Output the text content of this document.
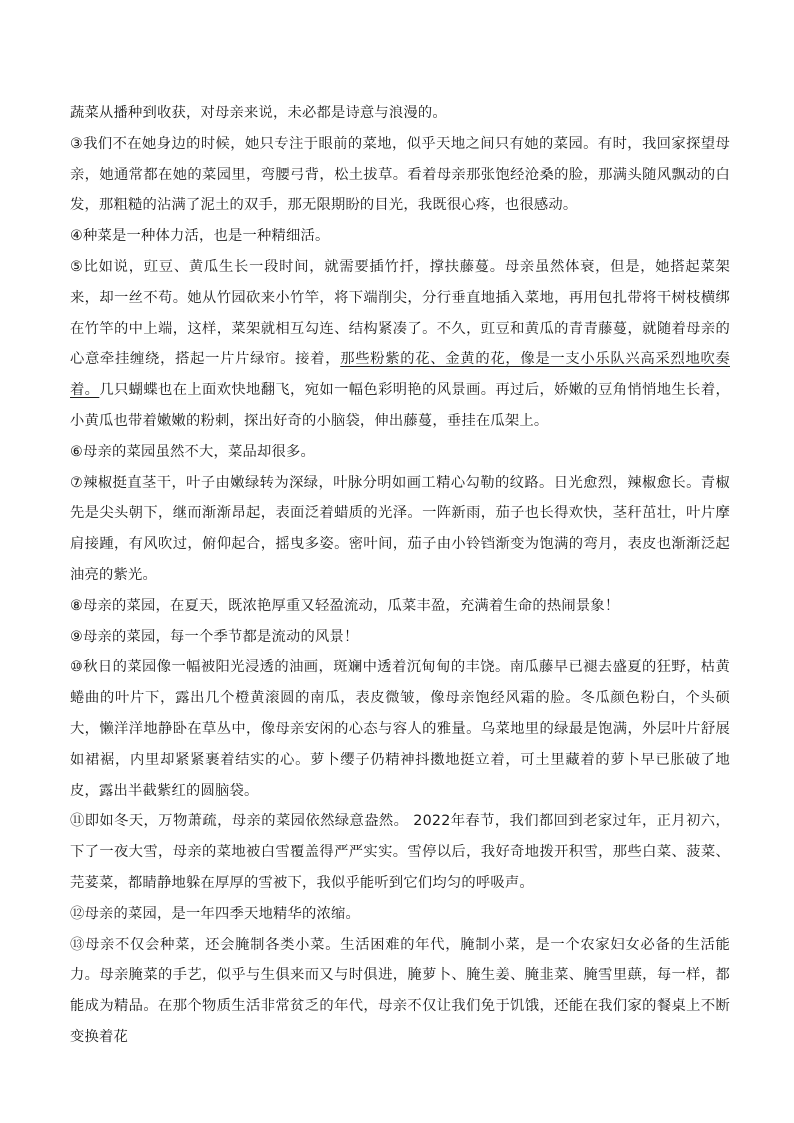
蔬菜从播种到收获，对母亲来说，未必都是诗意与浪漫的。

③我们不在她身边的时候，她只专注于眼前的菜地，似乎天地之间只有她的菜园。有时，我回家探望母亲，她通常都在她的菜园里，弯腰弓背，松土拔草。看着母亲那张饱经沧桑的脸，那满头随风飘动的白发，那粗糙的沾满了泥土的双手，那无限期盼的目光，我既很心疼，也很感动。

④种菜是一种体力活，也是一种精细活。

⑤比如说，豇豆、黄瓜生长一段时间，就需要插竹扦，撑扶藤蔓。母亲虽然体衰，但是，她搭起菜架来，却一丝不苟。她从竹园砍来小竹竿，将下端削尖，分行垂直地插入菜地，再用包扎带将干树枝横绑在竹竿的中上端，这样，菜架就相互勾连、结构紧凑了。不久，豇豆和黄瓜的青青藤蔓，就随着母亲的心意牵挂缠绕，搭起一片片绿帘。接着，那些粉紫的花、金黄的花，像是一支小乐队兴高采烈地吹奏着。几只蝴蝶也在上面欢快地翻飞，宛如一幅色彩明艳的风景画。再过后，娇嫩的豆角悄悄地生长着，小黄瓜也带着嫩嫩的粉刺，探出好奇的小脑袋，伸出藤蔓，垂挂在瓜架上。

⑥母亲的菜园虽然不大，菜品却很多。

⑦辣椒挺直茎干，叶子由嫩绿转为深绿，叶脉分明如画工精心勾勒的纹路。日光愈烈，辣椒愈长。青椒先是尖头朝下，继而渐渐昂起，表面泛着蜡质的光泽。一阵新雨，茄子也长得欢快，茎秆茁壮，叶片摩肩接踵，有风吹过，俯仰起合，摇曳多姿。密叶间，茄子由小铃铛渐变为饱满的弯月，表皮也渐渐泛起油亮的紫光。

⑧母亲的菜园，在夏天，既浓艳厚重又轻盈流动，瓜菜丰盈，充满着生命的热闹景象！

⑨母亲的菜园，每一个季节都是流动的风景！

⑩秋日的菜园像一幅被阳光浸透的油画，斑斓中透着沉甸甸的丰饶。南瓜藤早已褪去盛夏的狂野，枯黄蜷曲的叶片下，露出几个橙黄滚圆的南瓜，表皮微皱，像母亲饱经风霜的脸。冬瓜颜色粉白，个头硕大，懒洋洋地静卧在草丛中，像母亲安闲的心态与容人的雅量。乌菜地里的绿最是饱满，外层叶片舒展如裙裾，内里却紧紧裹着结实的心。萝卜缨子仍精神抖擞地挺立着，可土里藏着的萝卜早已胀破了地皮，露出半截紫红的圆脑袋。

⑪即如冬天，万物萧疏，母亲的菜园依然绿意盎然。 2022年春节，我们都回到老家过年，正月初六，下了一夜大雪，母亲的菜地被白雪覆盖得严严实实。雪停以后，我好奇地拨开积雪，那些白菜、菠菜、芫荽菜，都睛静地躲在厚厚的雪被下，我似乎能听到它们均匀的呼吸声。

⑫母亲的菜园，是一年四季天地精华的浓缩。

⑬母亲不仅会种菜，还会腌制各类小菜。生活困难的年代，腌制小菜，是一个农家妇女必备的生活能力。母亲腌菜的手艺，似乎与生俱来而又与时俱进，腌萝卜、腌生姜、腌韭菜、腌雪里蕻，每一样，都能成为精品。在那个物质生活非常贫乏的年代，母亲不仅让我们免于饥饿，还能在我们家的餐桌上不断变换着花
